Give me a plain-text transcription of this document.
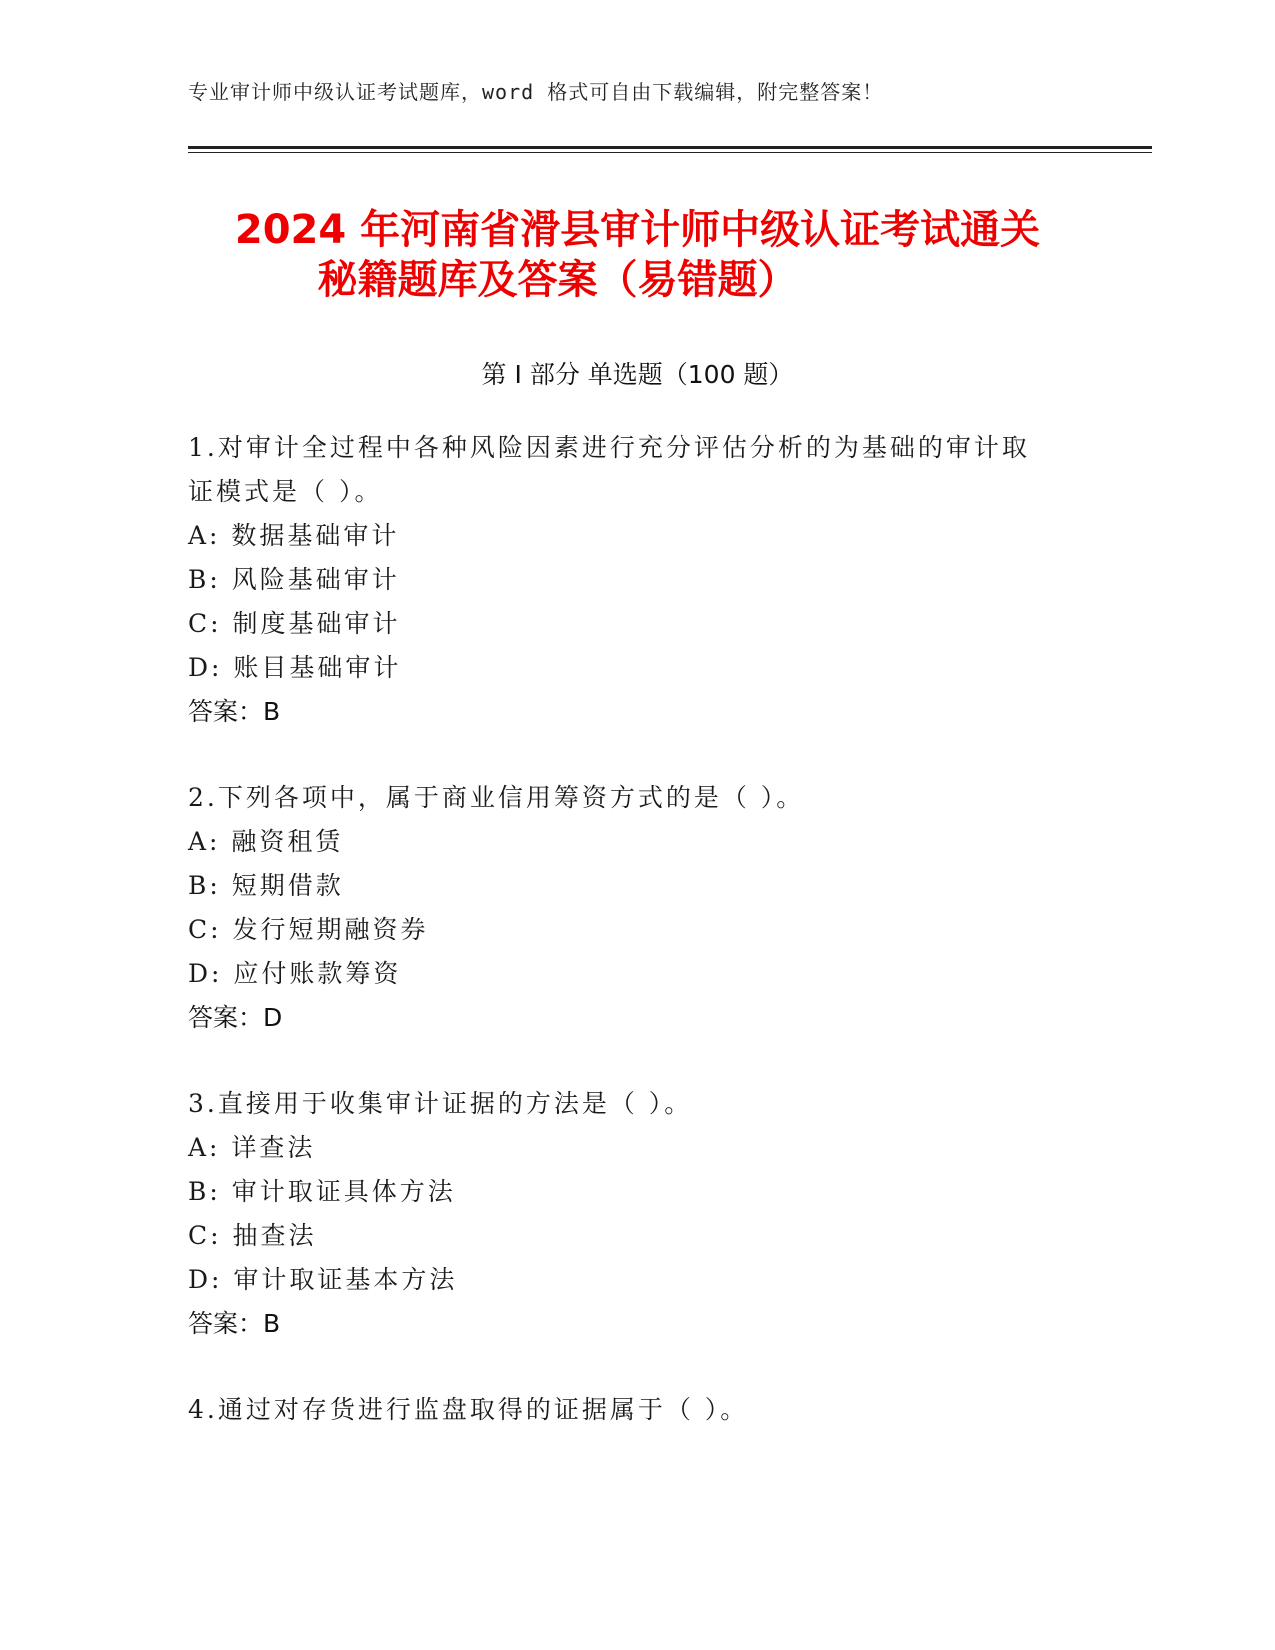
专业审计师中级认证考试题库，word 格式可自由下载编辑，附完整答案！
2024 年河南省滑县审计师中级认证考试通关
秘籍题库及答案（易错题）
第 I 部分 单选题（100 题）
1.对审计全过程中各种风险因素进行充分评估分析的为基础的审计取
证模式是（ ）。
A: 数据基础审计
B: 风险基础审计
C: 制度基础审计
D: 账目基础审计
答案：B
2.下列各项中，属于商业信用筹资方式的是（ ）。
A: 融资租赁
B: 短期借款
C: 发行短期融资券
D: 应付账款筹资
答案：D
3.直接用于收集审计证据的方法是（ ）。
A: 详查法
B: 审计取证具体方法
C: 抽查法
D: 审计取证基本方法
答案：B
4.通过对存货进行监盘取得的证据属于（ ）。
